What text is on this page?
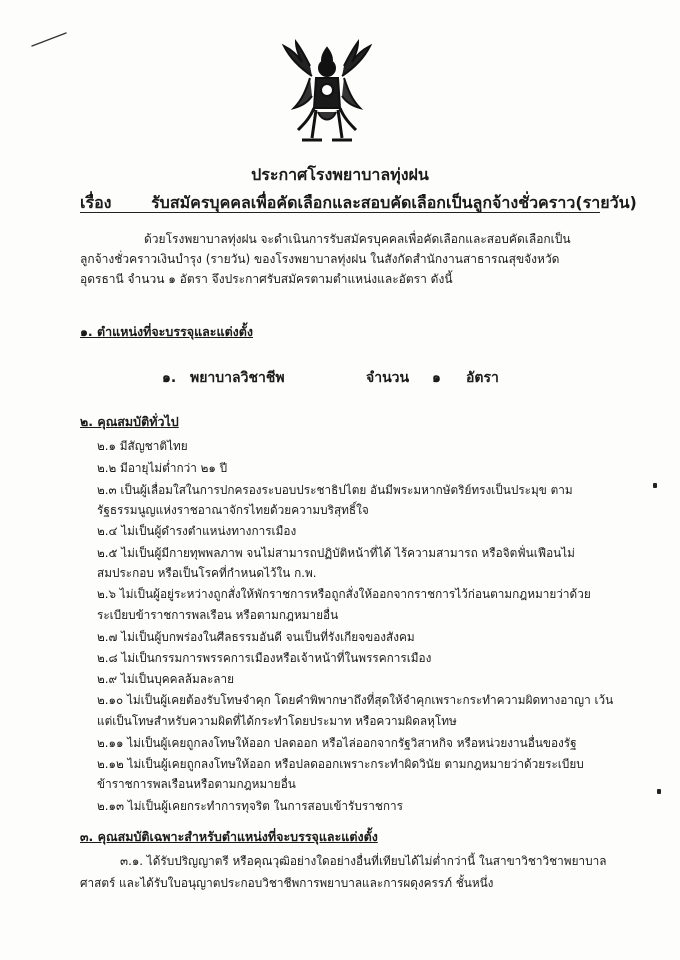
ประกาศโรงพยาบาลทุ่งฝน
เรื่อง รับสมัครบุคคลเพื่อคัดเลือกและสอบคัดเลือกเป็นลูกจ้างชั่วคราว(รายวัน)
ด้วยโรงพยาบาลทุ่งฝน จะดำเนินการรับสมัครบุคคลเพื่อคัดเลือกและสอบคัดเลือกเป็น ลูกจ้างชั่วคราวเงินบำรุง (รายวัน) ของโรงพยาบาลทุ่งฝน ในสังกัดสำนักงานสาธารณสุขจังหวัดอุดรธานี จำนวน ๑ อัตรา จึงประกาศรับสมัครตามตำแหน่งและอัตรา ดังนี้
๑. ตำแหน่งที่จะบรรจุและแต่งตั้ง
๑. พยาบาลวิชาชีพ	จำนวน ๑ อัตรา
๒. คุณสมบัติทั่วไป
๒.๑ มีสัญชาติไทย
๒.๒ มีอายุไม่ต่ำกว่า ๒๑ ปี
๒.๓ เป็นผู้เลื่อมใสในการปกครองระบอบประชาธิปไตย อันมีพระมหากษัตริย์ทรงเป็นประมุข ตาม
รัฐธรรมนูญแห่งราชอาณาจักรไทยด้วยความบริสุทธิ์ใจ
๒.๔ ไม่เป็นผู้ดำรงตำแหน่งทางการเมือง
๒.๕ ไม่เป็นผู้มีกายทุพพลภาพ จนไม่สามารถปฏิบัติหน้าที่ได้ ไร้ความสามารถ หรือจิตฟั่นเฟือนไม่
สมประกอบ หรือเป็นโรคที่กำหนดไว้ใน ก.พ.
๒.๖ ไม่เป็นผู้อยู่ระหว่างถูกสั่งให้พักราชการหรือถูกสั่งให้ออกจากราชการไว้ก่อนตามกฎหมายว่าด้วย
ระเบียบข้าราชการพลเรือน หรือตามกฎหมายอื่น
๒.๗ ไม่เป็นผู้บกพร่องในศีลธรรมอันดี จนเป็นที่รังเกียจของสังคม
๒.๘ ไม่เป็นกรรมการพรรคการเมืองหรือเจ้าหน้าที่ในพรรคการเมือง
๒.๙ ไม่เป็นบุคคลล้มละลาย
๒.๑๐ ไม่เป็นผู้เคยต้องรับโทษจำคุก โดยคำพิพากษาถึงที่สุดให้จำคุกเพราะกระทำความผิดทางอาญา เว้น
แต่เป็นโทษสำหรับความผิดที่ได้กระทำโดยประมาท หรือความผิดลหุโทษ
๒.๑๑ ไม่เป็นผู้เคยถูกลงโทษให้ออก ปลดออก หรือไล่ออกจากรัฐวิสาหกิจ หรือหน่วยงานอื่นของรัฐ
๒.๑๒ ไม่เป็นผู้เคยถูกลงโทษให้ออก หรือปลดออกเพราะกระทำผิดวินัย ตามกฎหมายว่าด้วยระเบียบ
ข้าราชการพลเรือนหรือตามกฎหมายอื่น
๒.๑๓ ไม่เป็นผู้เคยกระทำการทุจริต ในการสอบเข้ารับราชการ
๓. คุณสมบัติเฉพาะสำหรับตำแหน่งที่จะบรรจุและแต่งตั้ง
๓.๑. ได้รับปริญญาตรี หรือคุณวุฒิอย่างใดอย่างอื่นที่เทียบได้ไม่ต่ำกว่านี้ ในสาขาวิชาวิชาพยาบาล
ศาสตร์ และได้รับใบอนุญาตประกอบวิชาชีพการพยาบาลและการผดุงครรภ์ ชั้นหนึ่ง
